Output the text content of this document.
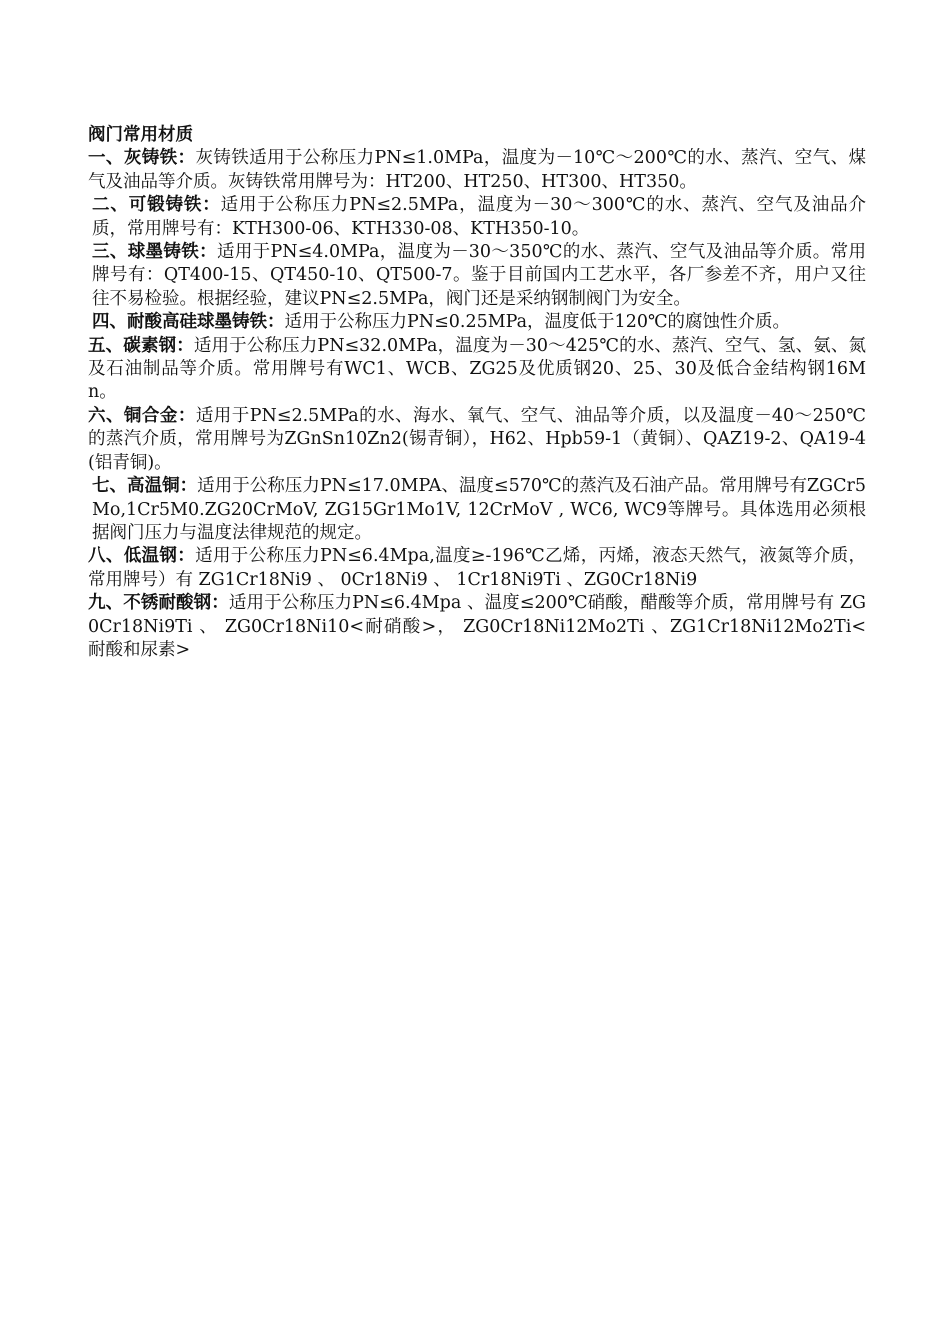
阀门常用材质

一、灰铸铁：灰铸铁适用于公称压力PN≤1.0MPa，温度为－10℃～200℃的水、蒸汽、空气、煤气及油品等介质。灰铸铁常用牌号为：HT200、HT250、HT300、HT350。

二、可锻铸铁：适用于公称压力PN≤2.5MPa，温度为－30～300℃的水、蒸汽、空气及油品介质，常用牌号有：KTH300-06、KTH330-08、KTH350-10。

三、球墨铸铁：适用于PN≤4.0MPa，温度为－30～350℃的水、蒸汽、空气及油品等介质。常用牌号有：QT400-15、QT450-10、QT500-7。鉴于目前国内工艺水平，各厂参差不齐，用户又往往不易检验。根据经验，建议PN≤2.5MPa，阀门还是采纳钢制阀门为安全。

四、耐酸高硅球墨铸铁：适用于公称压力PN≤0.25MPa，温度低于120℃的腐蚀性介质。

五、碳素钢：适用于公称压力PN≤32.0MPa，温度为－30～425℃的水、蒸汽、空气、氢、氨、氮及石油制品等介质。常用牌号有WC1、WCB、ZG25及优质钢20、25、30及低合金结构钢16Mn。

六、铜合金：适用于PN≤2.5MPa的水、海水、氧气、空气、油品等介质，以及温度－40～250℃的蒸汽介质，常用牌号为ZGnSn10Zn2(锡青铜），H62、Hpb59-1（黄铜）、QAZ19-2、QA19-4(铝青铜)。

七、高温铜：适用于公称压力PN≤17.0MPA、温度≤570℃的蒸汽及石油产品。常用牌号有ZGCr5Mo,1Cr5M0.ZG20CrMoV, ZG15Gr1Mo1V, 12CrMoV , WC6, WC9等牌号。具体选用必须根据阀门压力与温度法律规范的规定。

八、低温钢：适用于公称压力PN≤6.4Mpa,温度≥-196℃乙烯，丙烯，液态天然气，液氮等介质，常用牌号）有 ZG1Cr18Ni9 、 0Cr18Ni9 、 1Cr18Ni9Ti 、ZG0Cr18Ni9

九、不锈耐酸钢：适用于公称压力PN≤6.4Mpa 、温度≤200℃硝酸，醋酸等介质，常用牌号有 ZG0Cr18Ni9Ti 、 ZG0Cr18Ni10<耐硝酸>， ZG0Cr18Ni12Mo2Ti 、ZG1Cr18Ni12Mo2Ti<耐酸和尿素>
